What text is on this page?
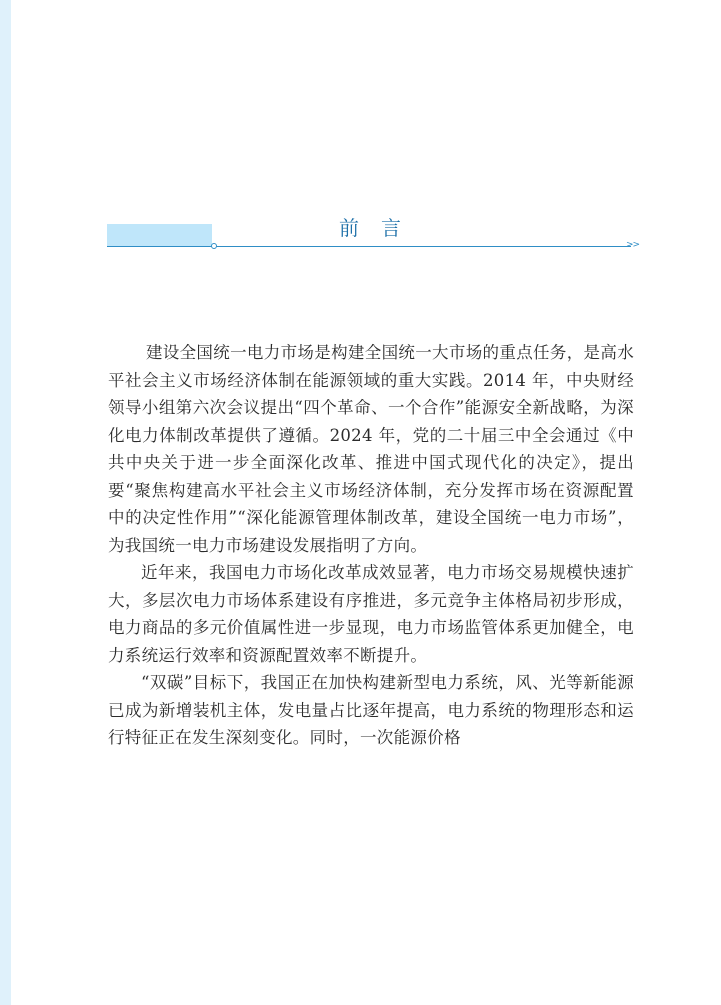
>>
前言

建设全国统一电力市场是构建全国统一大市场的重点任务，是高水平社会主义市场经济体制在能源领域的重大实践。2014 年，中央财经领导小组第六次会议提出“四个革命、一个合作”能源安全新战略，为深化电力体制改革提供了遵循。2024 年，党的二十届三中全会通过《中共中央关于进一步全面深化改革、推进中国式现代化的决定》，提出要“聚焦构建高水平社会主义市场经济体制，充分发挥市场在资源配置中的决定性作用”“深化能源管理体制改革，建设全国统一电力市场”，为我国统一电力市场建设发展指明了方向。

近年来，我国电力市场化改革成效显著，电力市场交易规模快速扩大，多层次电力市场体系建设有序推进，多元竞争主体格局初步形成，电力商品的多元价值属性进一步显现，电力市场监管体系更加健全，电力系统运行效率和资源配置效率不断提升。

“双碳”目标下，我国正在加快构建新型电力系统，风、光等新能源已成为新增装机主体，发电量占比逐年提高，电力系统的物理形态和运行特征正在发生深刻变化。同时，一次能源价格
